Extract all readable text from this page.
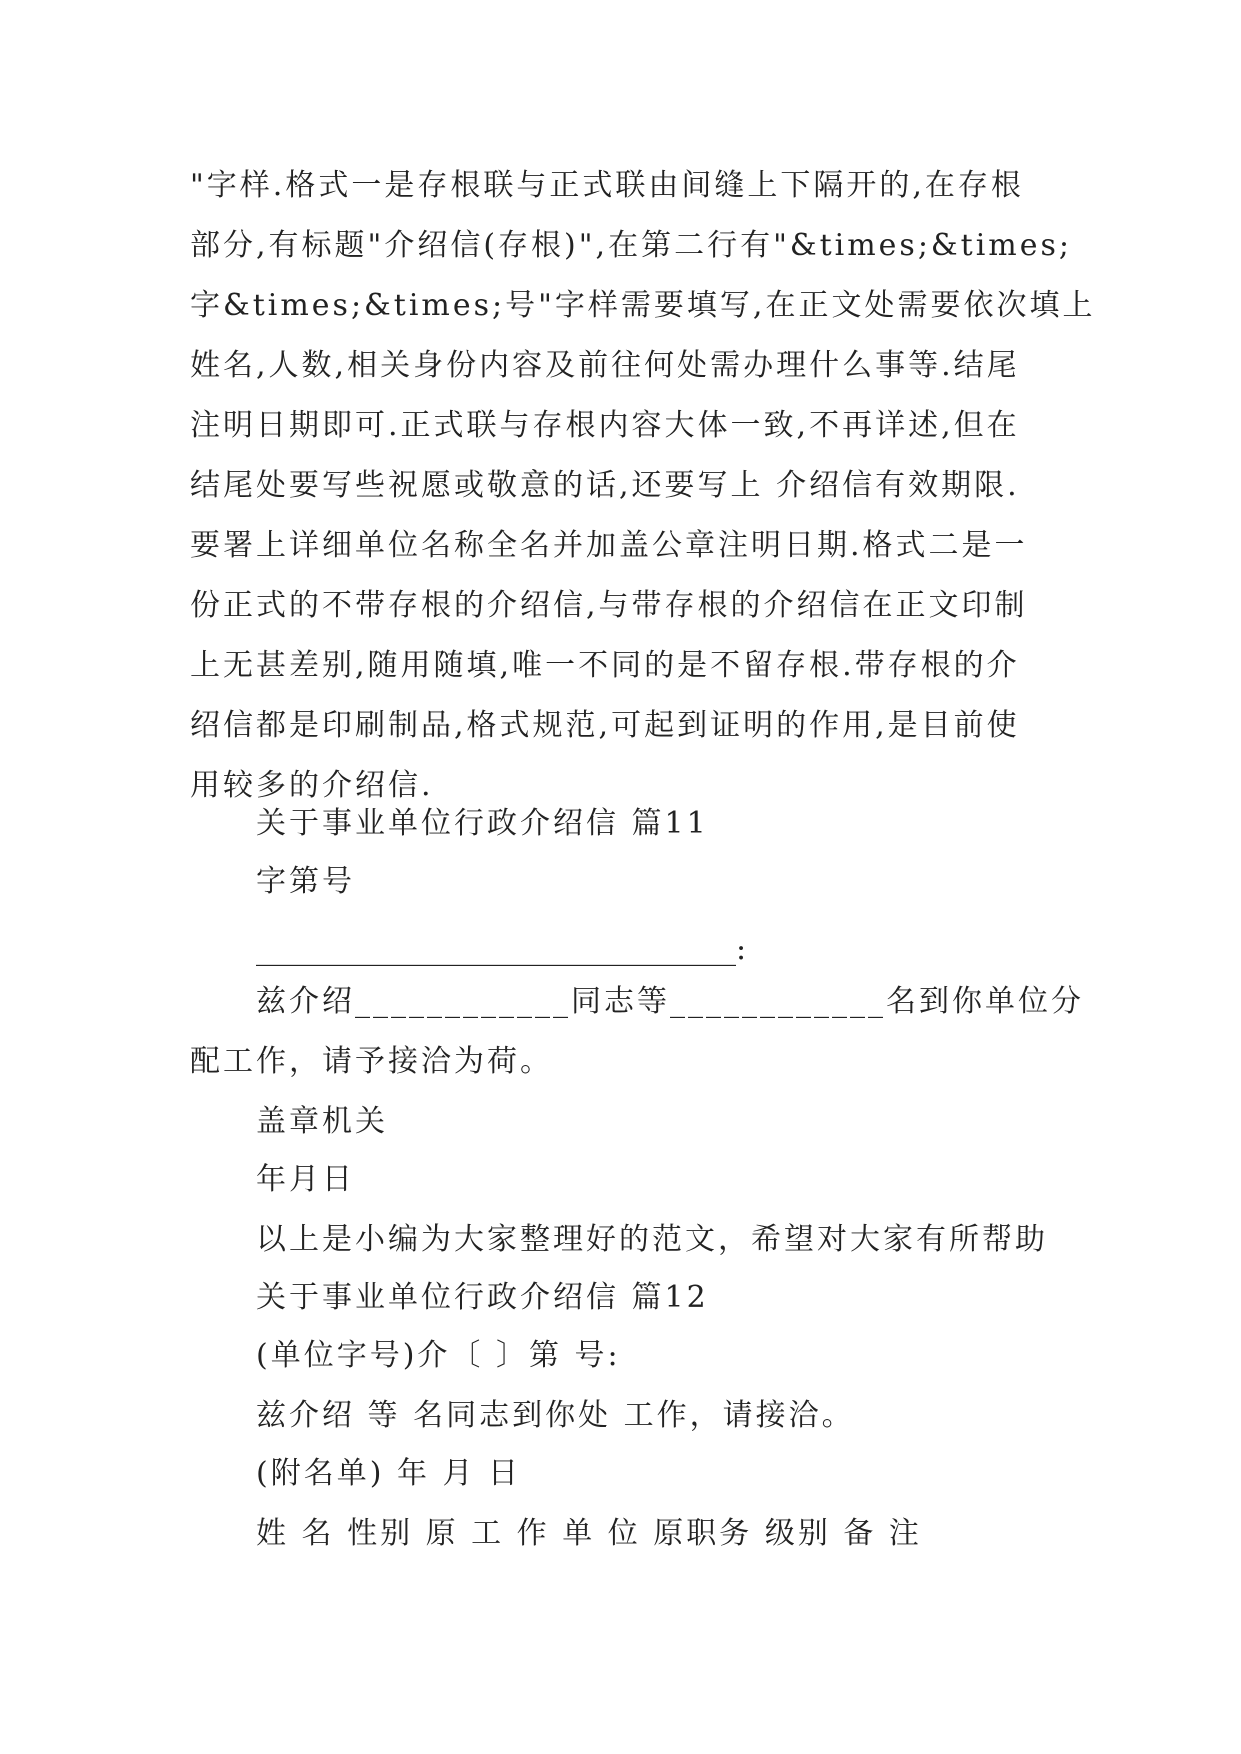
"字样.格式一是存根联与正式联由间缝上下隔开的,在存根
部分,有标题"介绍信(存根)",在第二行有"&times;&times;
字&times;&times;号"字样需要填写,在正文处需要依次填上
姓名,人数,相关身份内容及前往何处需办理什么事等.结尾
注明日期即可.正式联与存根内容大体一致,不再详述,但在
结尾处要写些祝愿或敬意的话,还要写上 介绍信有效期限.
要署上详细单位名称全名并加盖公章注明日期.格式二是一
份正式的不带存根的介绍信,与带存根的介绍信在正文印制
上无甚差别,随用随填,唯一不同的是不留存根.带存根的介
绍信都是印刷制品,格式规范,可起到证明的作用,是目前使
用较多的介绍信.
关于事业单位行政介绍信 篇11
字第号
________________________________:
兹介绍____________同志等____________名到你单位分
配工作，请予接洽为荷。
盖章机关
年月日
以上是小编为大家整理好的范文，希望对大家有所帮助
关于事业单位行政介绍信 篇12
(单位字号)介〔 〕第 号:
兹介绍 等 名同志到你处 工作，请接洽。
(附名单) 年 月 日
姓 名 性别 原 工 作 单 位 原职务 级别 备 注
